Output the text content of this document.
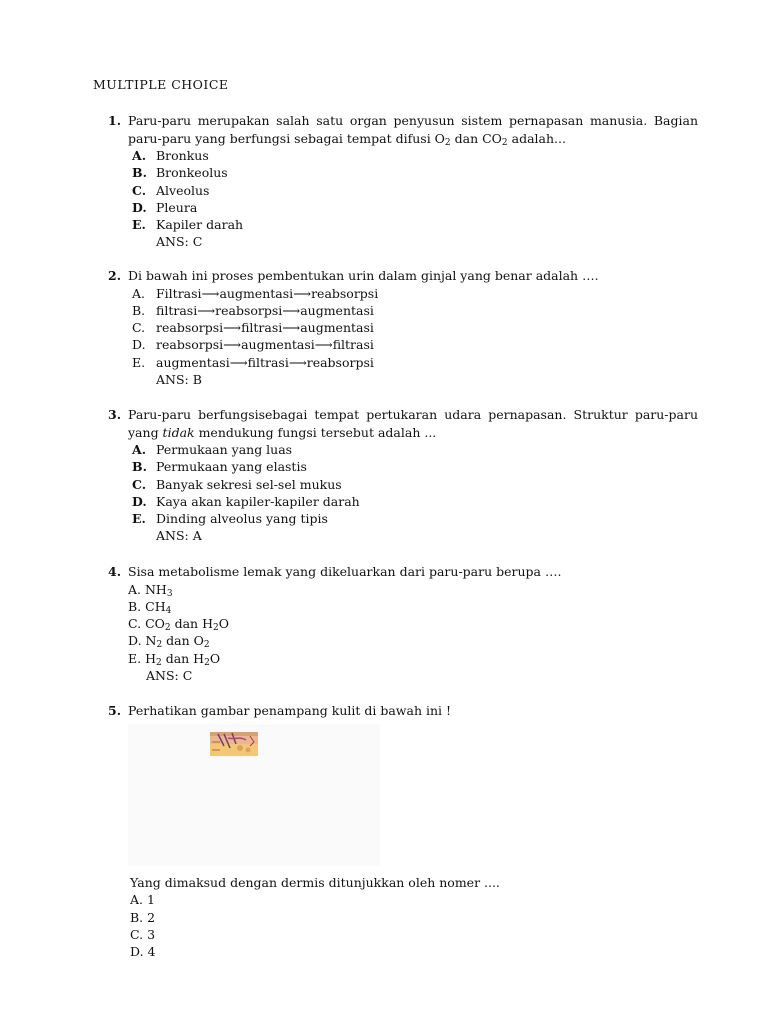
MULTIPLE CHOICE
1. Paru-paru merupakan salah satu organ penyusun sistem pernapasan manusia. Bagian paru-paru yang berfungsi sebagai tempat difusi $O_2$ dan $CO_2$ adalah...
A. Bronkus
B. Bronkeolus
C. Alveolus
D. Pleura
E. Kapiler darah
ANS: C
2. Di bawah ini proses pembentukan urin dalam ginjal yang benar adalah ….
A. Filtrasi⟶augmentasi⟶reabsorpsi
B. filtrasi⟶reabsorpsi⟶augmentasi
C. reabsorpsi⟶filtrasi⟶augmentasi
D. reabsorpsi⟶augmentasi⟶filtrasi
E. augmentasi⟶filtrasi⟶reabsorpsi
ANS: B
3. Paru-paru berfungsisebagai tempat pertukaran udara pernapasan. Struktur paru-paru yang tidak mendukung fungsi tersebut adalah ...
A. Permukaan yang luas
B. Permukaan yang elastis
C. Banyak sekresi sel-sel mukus
D. Kaya akan kapiler-kapiler darah
E. Dinding alveolus yang tipis
ANS: A
4. Sisa metabolisme lemak yang dikeluarkan dari paru-paru berupa ….
A. $NH_3$
B. $CH_4$
C. $CO_2$ dan $H_2O$
D. $N_2$ dan $O_2$
E. $H_2$ dan $H_2O$
ANS: C
5. Perhatikan gambar penampang kulit di bawah ini !
Yang dimaksud dengan dermis ditunjukkan oleh nomer ....
A. 1
B. 2
C. 3
D. 4
